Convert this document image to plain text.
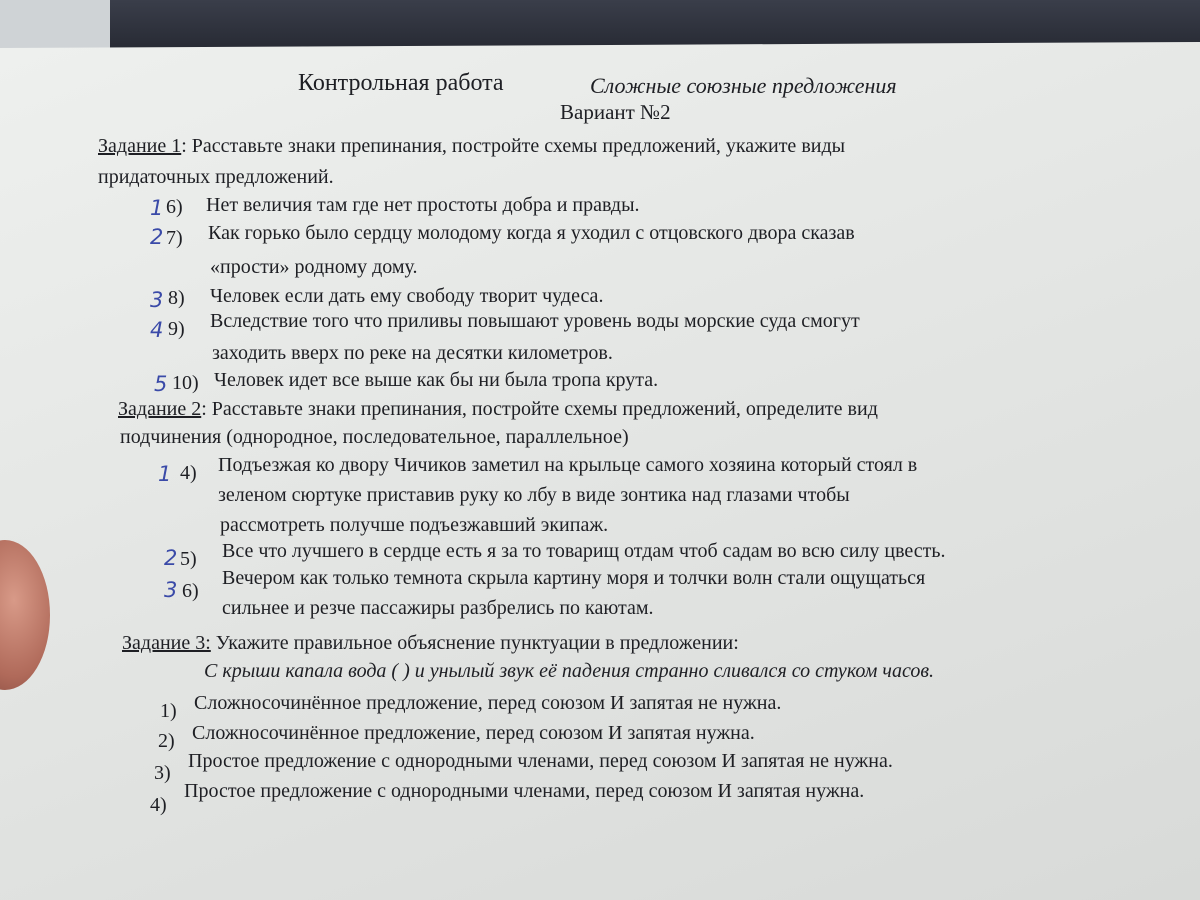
Контрольная работа	Сложные союзные предложения
Вариант №2
Задание 1: Расставьте знаки препинания, постройте схемы предложений, укажите виды
придаточных предложений.
1 6) Нет величия там где нет простоты добра и правды.
2 7) Как горько было сердцу молодому когда я уходил с отцовского двора сказав
«прости» родному дому.
3 8) Человек если дать ему свободу творит чудеса.
4 9) Вследствие того что приливы повышают уровень воды морские суда смогут
заходить вверх по реке на десятки километров.
5 10) Человек идет все выше как бы ни была тропа крута.
Задание 2: Расставьте знаки препинания, постройте схемы предложений, определите вид
подчинения (однородное, последовательное, параллельное)
1 4) Подъезжая ко двору Чичиков заметил на крыльце самого хозяина который стоял в
зеленом сюртуке приставив руку ко лбу в виде зонтика над глазами чтобы
рассмотреть получше подъезжавший экипаж.
2 5) Все что лучшего в сердце есть я за то товарищ отдам чтоб садам во всю силу цвесть.
3 6)
Вечером как только темнота скрыла картину моря и толчки волн стали ощущаться
сильнее и резче пассажиры разбрелись по каютам.
Задание 3: Укажите правильное объяснение пунктуации в предложении:
С крыши капала вода ( ) и унылый звук её падения странно сливался со стуком часов.
1) Сложносочинённое предложение, перед союзом И запятая не нужна.
2) Сложносочинённое предложение, перед союзом И запятая нужна.
3)
Простое предложение с однородными членами, перед союзом И запятая не нужна.
4)
Простое предложение с однородными членами, перед союзом И запятая нужна.
